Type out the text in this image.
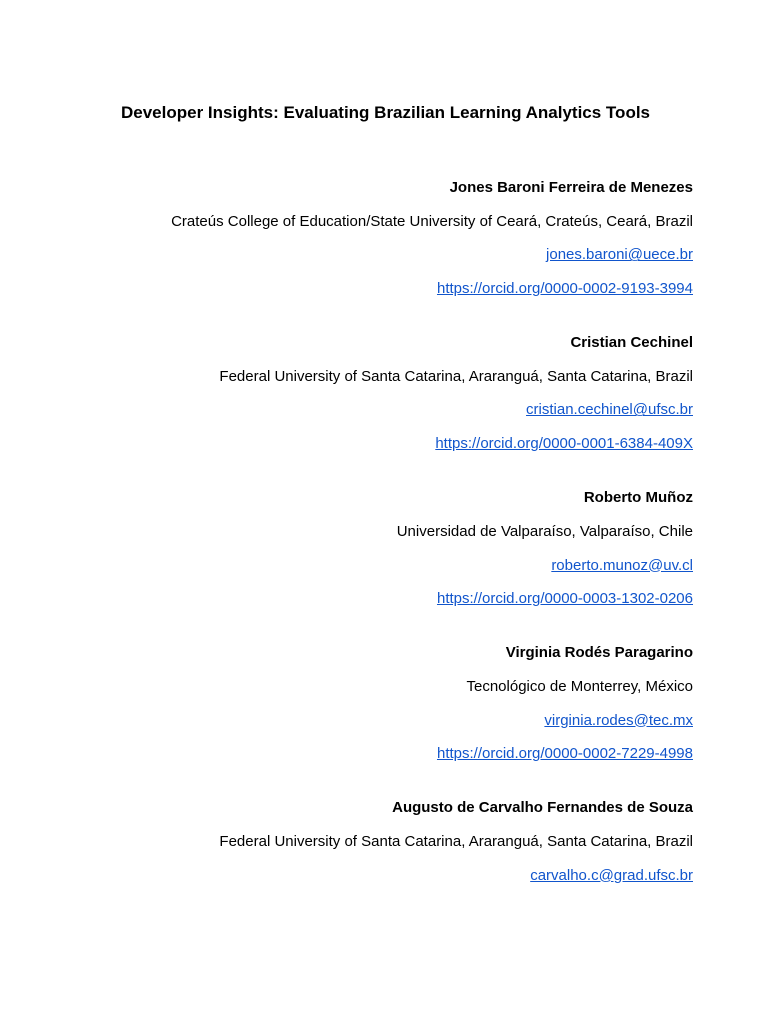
Developer Insights: Evaluating Brazilian Learning Analytics Tools
Jones Baroni Ferreira de Menezes
Crateús College of Education/State University of Ceará, Crateús, Ceará, Brazil
jones.baroni@uece.br
https://orcid.org/0000-0002-9193-3994
Cristian Cechinel
Federal University of Santa Catarina, Araranguá, Santa Catarina, Brazil
cristian.cechinel@ufsc.br
https://orcid.org/0000-0001-6384-409X
Roberto Muñoz
Universidad de Valparaíso, Valparaíso, Chile
roberto.munoz@uv.cl
https://orcid.org/0000-0003-1302-0206
Virginia Rodés Paragarino
Tecnológico de Monterrey, México
virginia.rodes@tec.mx
https://orcid.org/0000-0002-7229-4998
Augusto de Carvalho Fernandes de Souza
Federal University of Santa Catarina, Araranguá, Santa Catarina, Brazil
carvalho.c@grad.ufsc.br
